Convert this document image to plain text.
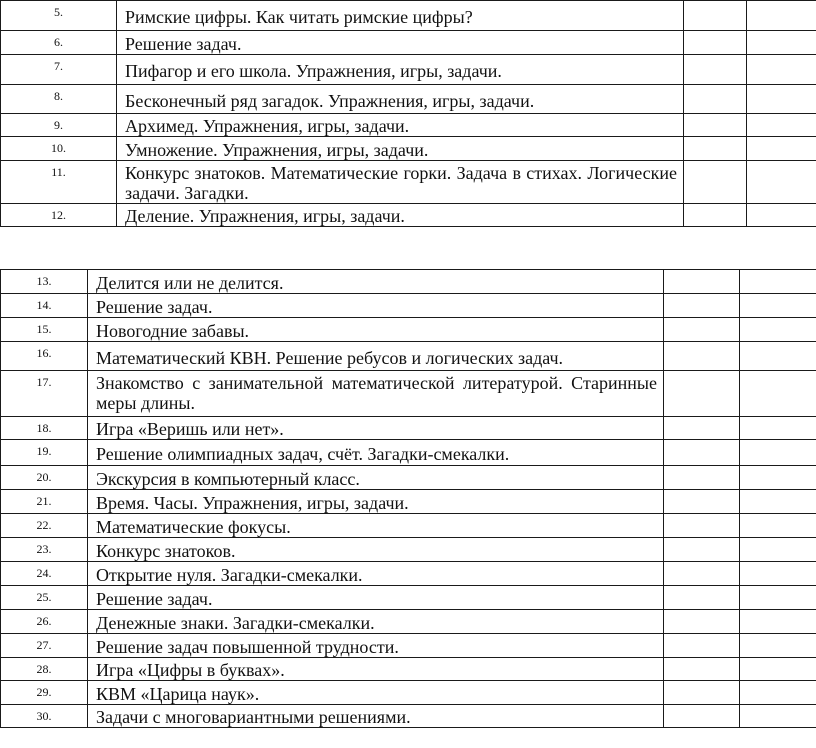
5.	Римские цифры. Как читать римские цифры?		

6.	Решение задач.		

7.	Пифагор и его школа. Упражнения, игры, задачи.		

8.	Бесконечный ряд загадок. Упражнения, игры, задачи.		

9.	Архимед. Упражнения, игры, задачи.		

10.	Умножение. Упражнения, игры, задачи.		

11.	Конкурс знатоков. Математические горки. Задача в стихах. Логические задачи. Загадки.		

12.	Деление. Упражнения, игры, задачи.		

13.	Делится или не делится.		

14.	Решение задач.		

15.	Новогодние забавы.		

16.	Математический КВН. Решение ребусов и логических задач.		

17.	Знакомство с занимательной математической литературой. Старинные меры длины.		

18.	Игра «Веришь или нет».		

19.	Решение олимпиадных задач, счёт. Загадки-смекалки.		

20.	Экскурсия в компьютерный класс.		

21.	Время. Часы. Упражнения, игры, задачи.		

22.	Математические фокусы.		

23.	Конкурс знатоков.		

24.	Открытие нуля. Загадки-смекалки.		

25.	Решение задач.		

26.	Денежные знаки. Загадки-смекалки.		

27.	Решение задач повышенной трудности.		

28.	Игра «Цифры в буквах».		

29.	КВМ «Царица наук».		

30.	Задачи с многовариантными решениями.		
